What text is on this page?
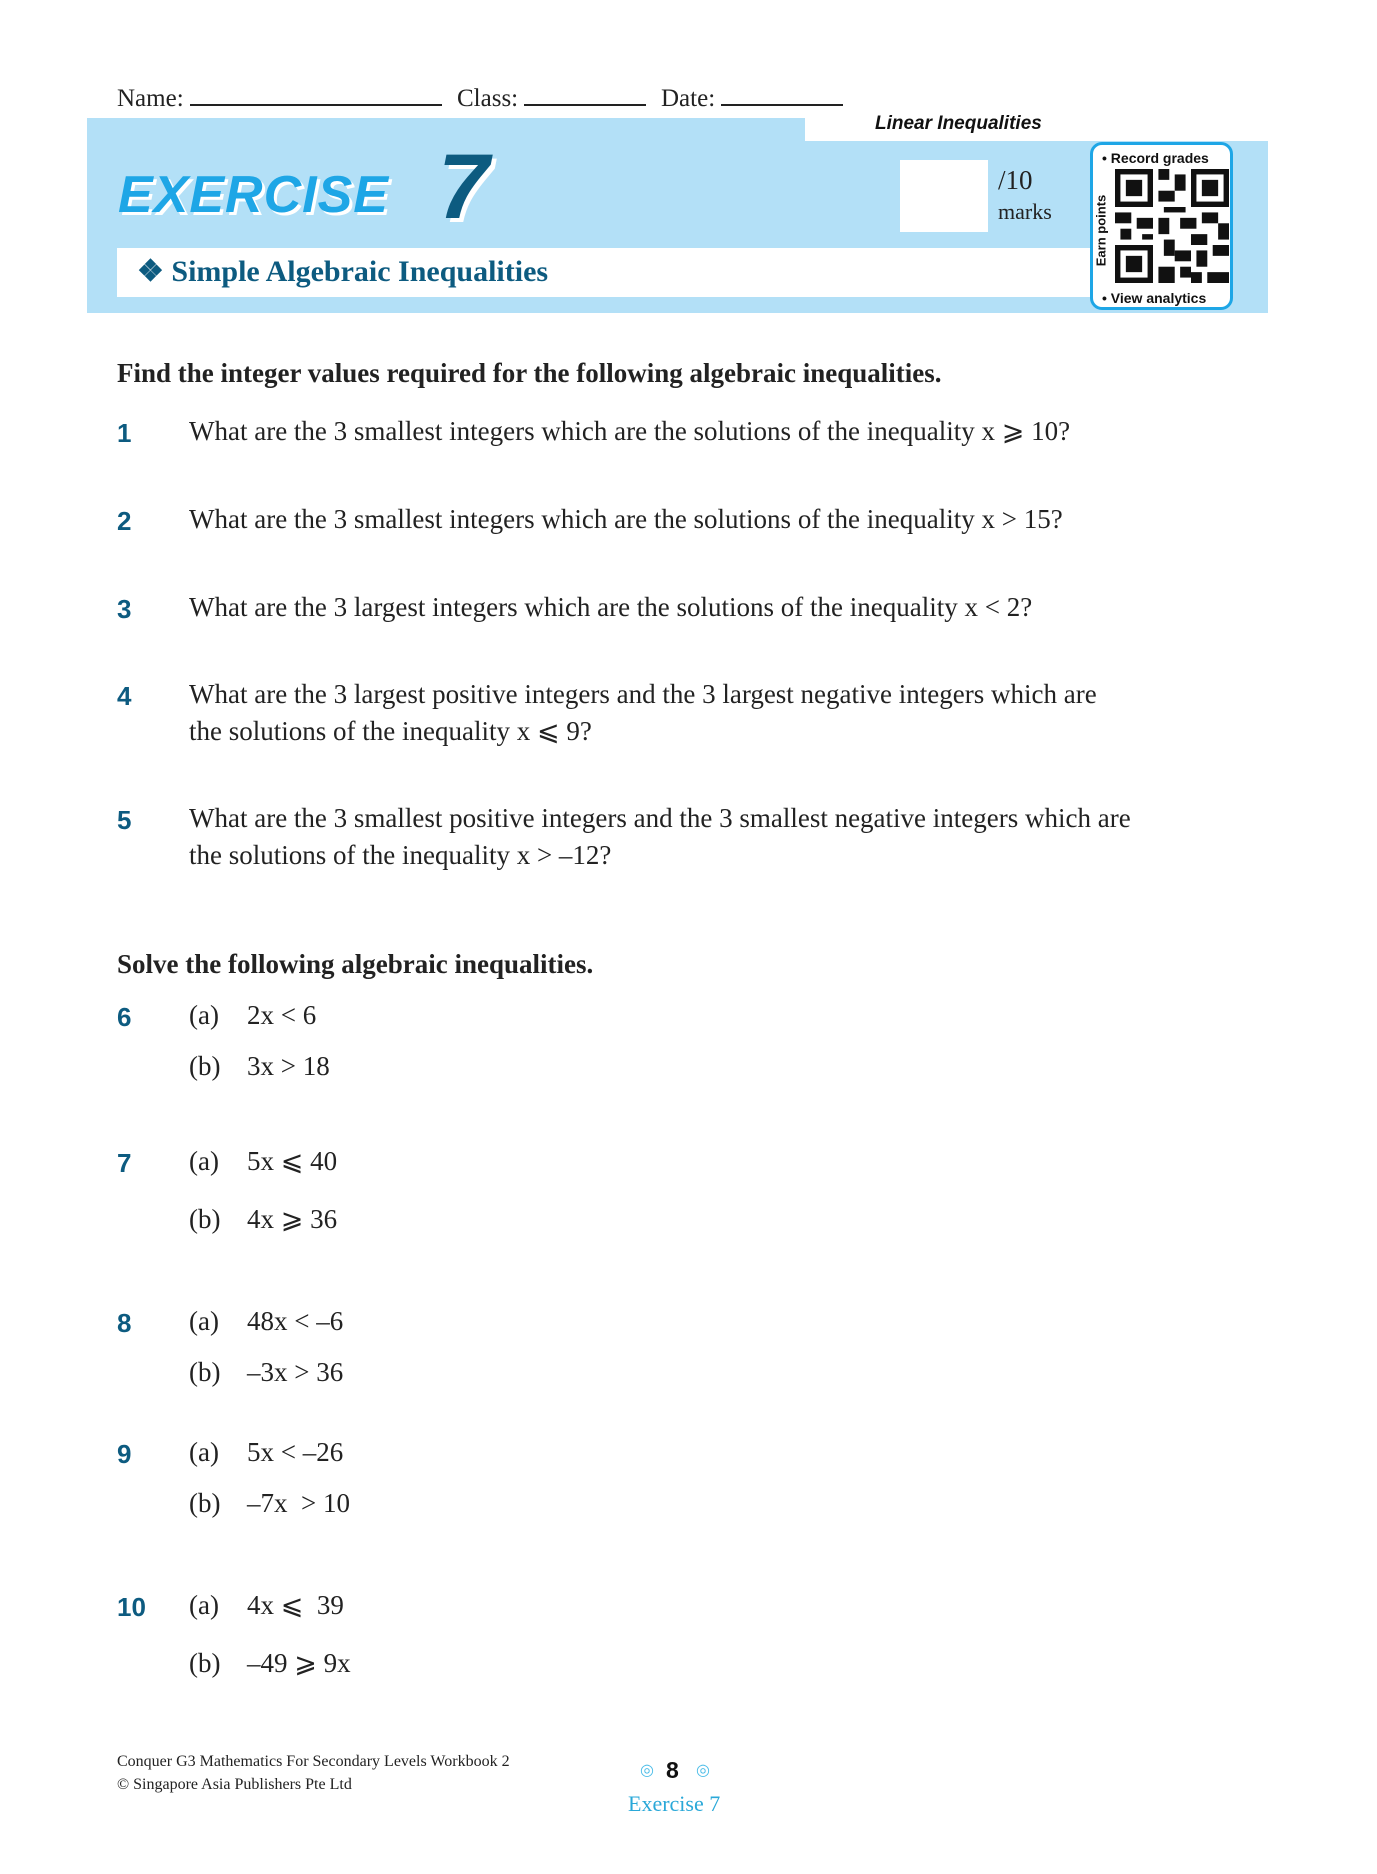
Name:	Class:	Date:
Linear Inequalities
EXERCISE 7
❖ Simple Algebraic Inequalities
/10
marks
• Record grades
Earn points
• View analytics
Find the integer values required for the following algebraic inequalities.
1 What are the 3 smallest integers which are the solutions of the inequality x ⩾ 10?
2 What are the 3 smallest integers which are the solutions of the inequality x > 15?
3 What are the 3 largest integers which are the solutions of the inequality x < 2?
4 What are the 3 largest positive integers and the 3 largest negative integers which are
the solutions of the inequality x ⩽ 9?
5 What are the 3 smallest positive integers and the 3 smallest negative integers which are
the solutions of the inequality x > –12?
Solve the following algebraic inequalities.
6 (a) 2x < 6
(b) 3x > 18
7 (a) 5x ⩽ 40
(b) 4x ⩾ 36
8 (a) 48x < –6
(b) –3x > 36
9 (a) 5x < –26
(b) –7x  > 10
10 (a) 4x ⩽  39
(b) –49 ⩾ 9x
Conquer G3 Mathematics For Secondary Levels Workbook 2
© Singapore Asia Publishers Pte Ltd
◎ 8 ◎
Exercise 7
